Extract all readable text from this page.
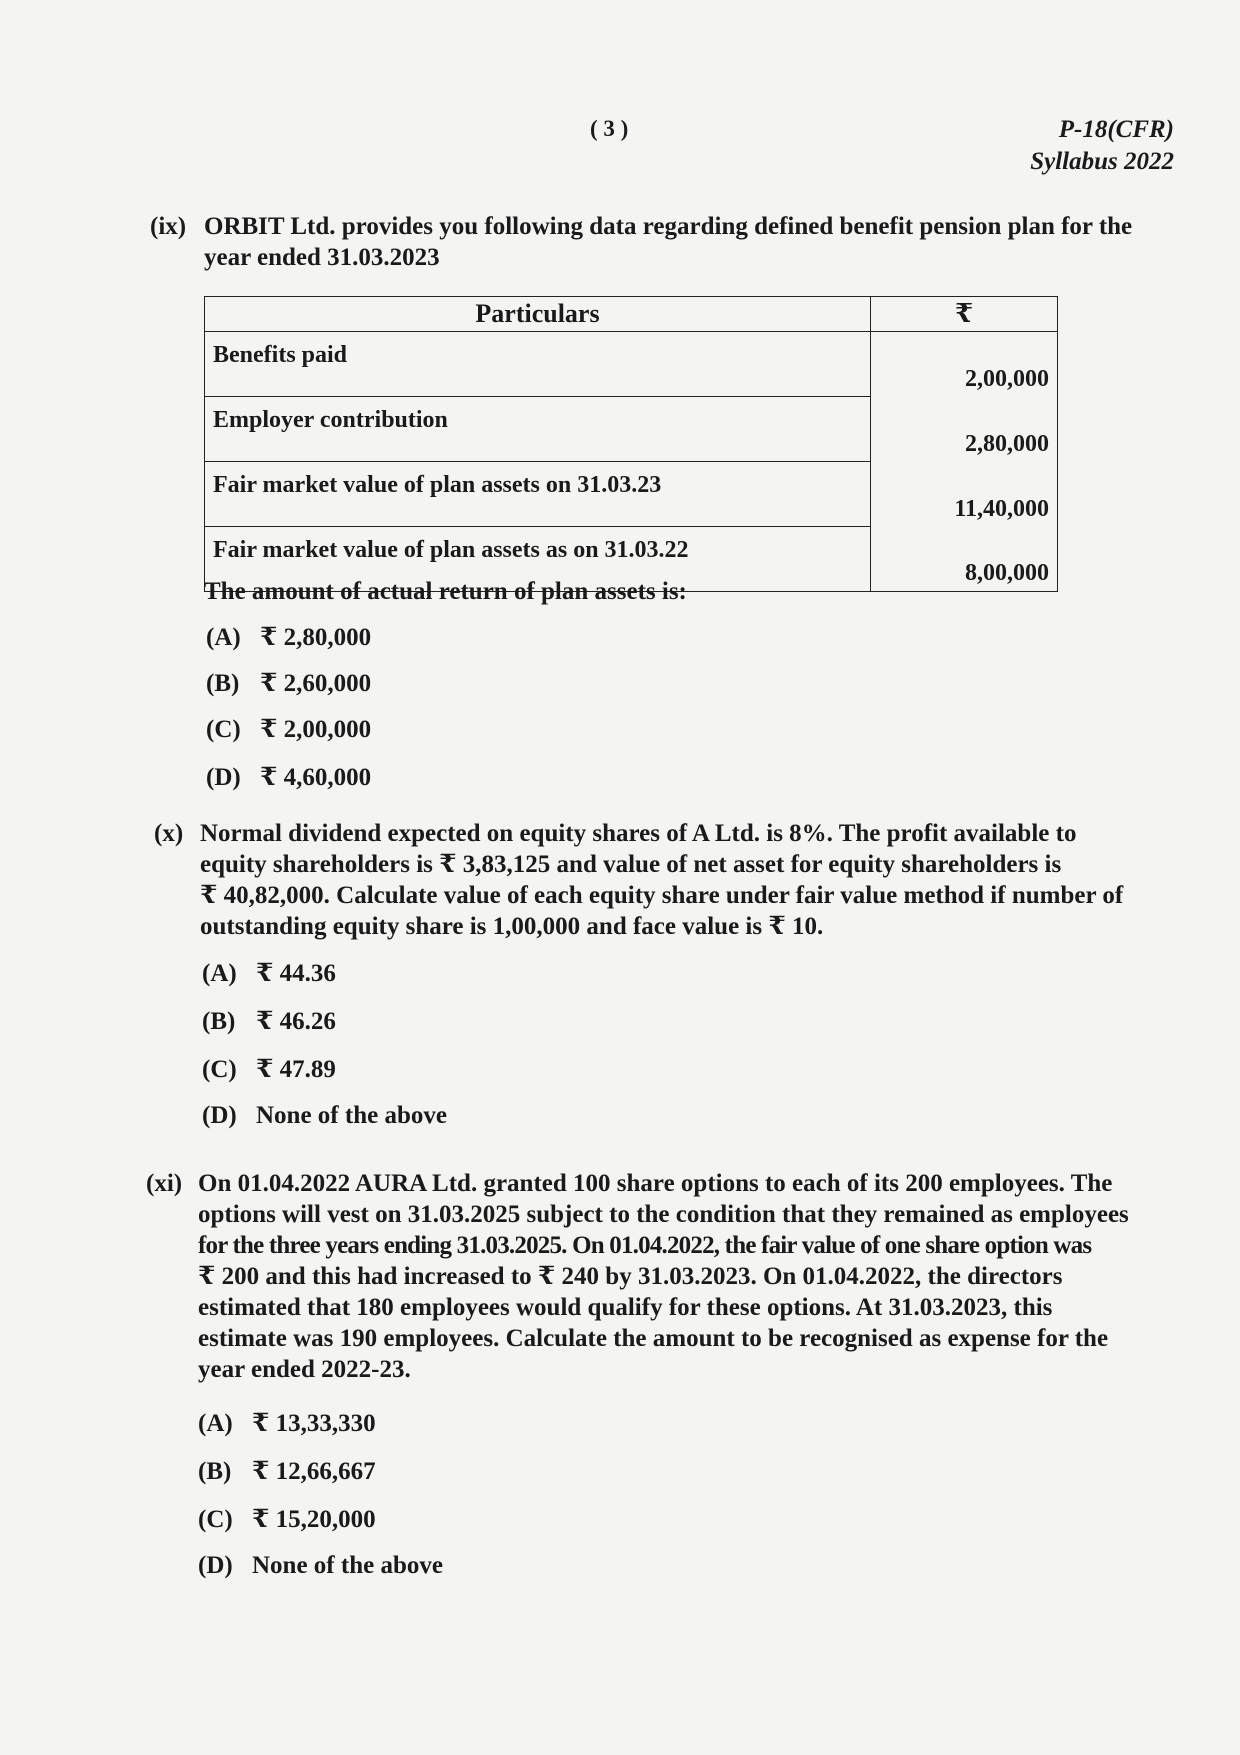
( 3 )	P-18(CFR)
Syllabus 2022
(ix) ORBIT Ltd. provides you following data regarding defined benefit pension plan for the
year ended 31.03.2023
Particulars	₹
Benefits paid	2,00,000
Employer contribution	2,80,000
Fair market value of plan assets on 31.03.23	11,40,000
Fair market value of plan assets as on 31.03.22	8,00,000
The amount of actual return of plan assets is:
(A) ₹ 2,80,000
(B) ₹ 2,60,000
(C) ₹ 2,00,000
(D) ₹ 4,60,000
(x) Normal dividend expected on equity shares of A Ltd. is 8%. The profit available to
equity shareholders is ₹ 3,83,125 and value of net asset for equity shareholders is
₹ 40,82,000. Calculate value of each equity share under fair value method if number of
outstanding equity share is 1,00,000 and face value is ₹ 10.
(A) ₹ 44.36
(B) ₹ 46.26
(C) ₹ 47.89
(D) None of the above
(xi) On 01.04.2022 AURA Ltd. granted 100 share options to each of its 200 employees. The
options will vest on 31.03.2025 subject to the condition that they remained as employees
for the three years ending 31.03.2025. On 01.04.2022, the fair value of one share option was
₹ 200 and this had increased to ₹ 240 by 31.03.2023. On 01.04.2022, the directors
estimated that 180 employees would qualify for these options. At 31.03.2023, this
estimate was 190 employees. Calculate the amount to be recognised as expense for the
year ended 2022-23.
(A) ₹ 13,33,330
(B) ₹ 12,66,667
(C) ₹ 15,20,000
(D) None of the above
